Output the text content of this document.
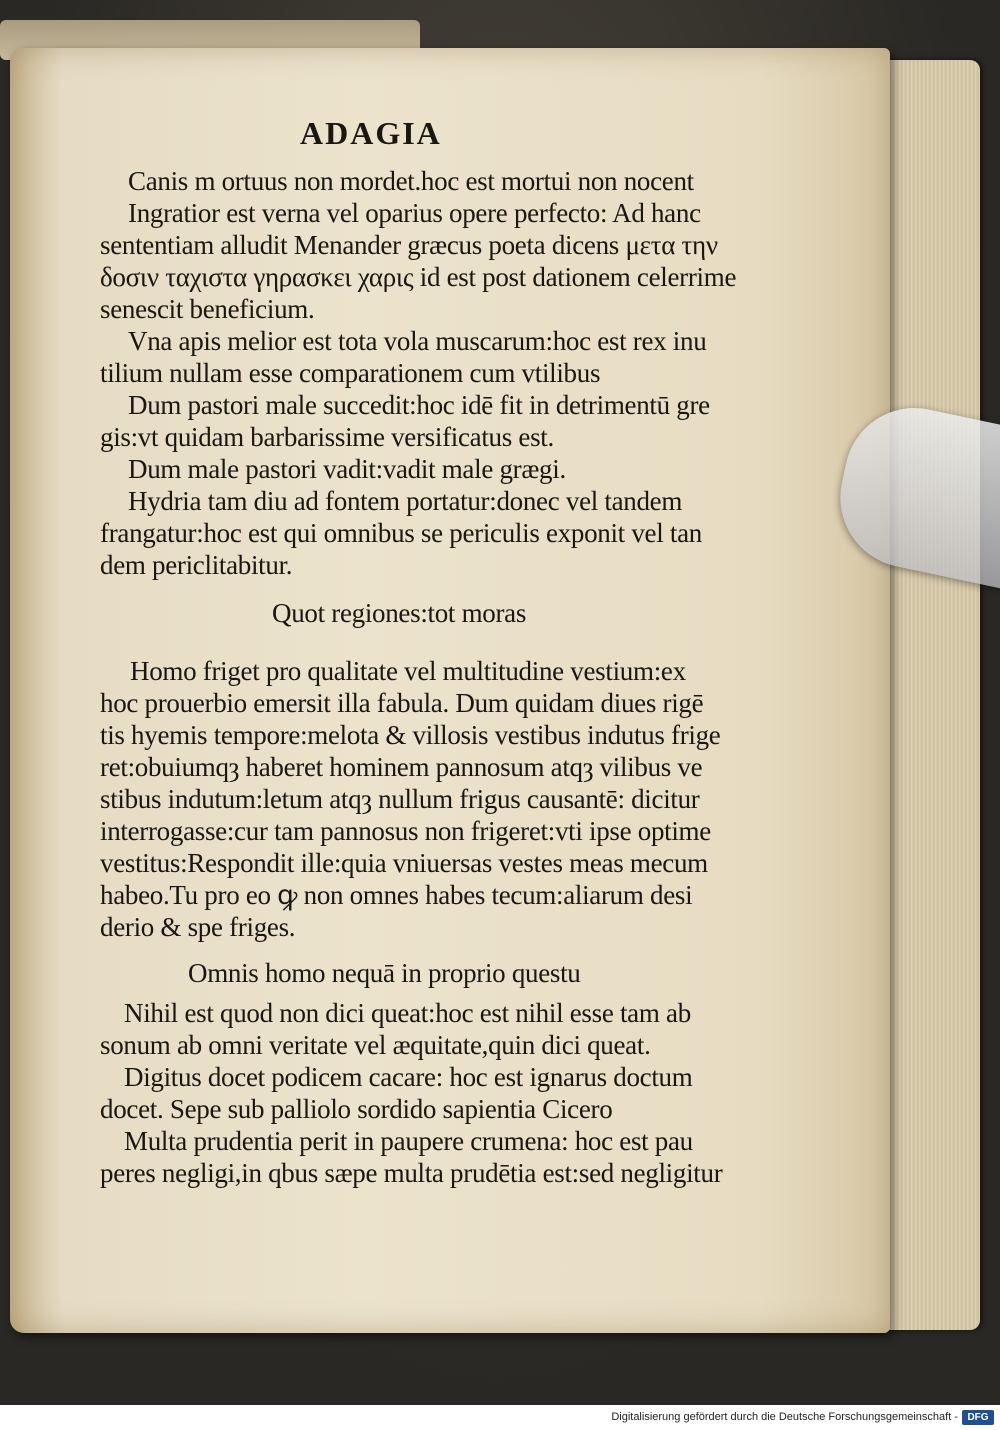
ADAGIA
Canis m ortuus non mordet.hoc est mortui non nocent
Ingratior est verna vel oparius opere perfecto: Ad hanc
sententiam alludit Menander græcus poeta dicens μετα την
δοσιν ταχιστα γηρασκει χαρις id est post dationem celerrime
senescit beneficium.
Vna apis melior est tota vola muscarum:hoc est rex inu
tilium nullam esse comparationem cum vtilibus
Dum pastori male succedit:hoc idē fit in detrimentū gre
gis:vt quidam barbarissime versificatus est.
Dum male pastori vadit:vadit male grægi.
Hydria tam diu ad fontem portatur:donec vel tandem
frangatur:hoc est qui omnibus se periculis exponit vel tan
dem periclitabitur.
Quot regiones:tot moras
Homo friget pro qualitate vel multitudine vestium:ex
hoc prouerbio emersit illa fabula. Dum quidam diues rigē
tis hyemis tempore:melota & villosis vestibus indutus frige
ret:obuiumqȝ haberet hominem pannosum atqȝ vilibus ve
stibus indutum:letum atqȝ nullum frigus causantē: dicitur
interrogasse:cur tam pannosus non frigeret:vti ipse optime
vestitus:Respondit ille:quia vniuersas vestes meas mecum
habeo.Tu pro eo ꝙ non omnes habes tecum:aliarum desi
derio & spe friges.
Omnis homo nequā in proprio questu
Nihil est quod non dici queat:hoc est nihil esse tam ab
sonum ab omni veritate vel æquitate,quin dici queat.
Digitus docet podicem cacare: hoc est ignarus doctum
docet. Sepe sub palliolo sordido sapientia Cicero
Multa prudentia perit in paupere crumena: hoc est pau
peres negligi,in qbus sæpe multa prudētia est:sed negligitur
Digitalisierung gefördert durch die Deutsche Forschungsgemeinschaft - DFG
